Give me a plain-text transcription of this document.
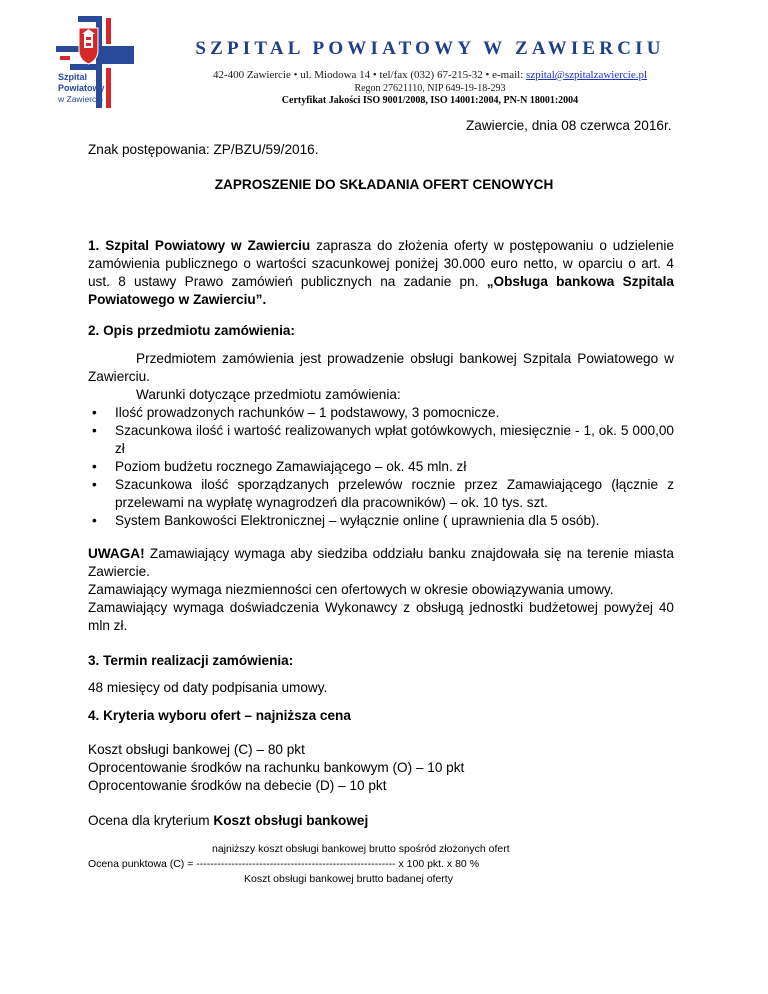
Szpital
Powiatowy
w Zawierciu
SZPITAL POWIATOWY W ZAWIERCIU
42-400 Zawiercie • ul. Miodowa 14 • tel/fax (032) 67-215-32 • e-mail: szpital@szpitalzawiercie.pl
Regon 27621110, NIP 649-19-18-293
Certyfikat Jakości ISO 9001/2008, ISO 14001:2004, PN-N 18001:2004
Zawiercie, dnia 08 czerwca 2016r.
Znak postępowania: ZP/BZU/59/2016.
ZAPROSZENIE DO SKŁADANIA OFERT CENOWYCH
1. Szpital Powiatowy w Zawierciu zaprasza do złożenia oferty w postępowaniu o udzielenie zamówienia publicznego o wartości szacunkowej poniżej 30.000 euro netto, w oparciu o art. 4 ust. 8 ustawy Prawo zamówień publicznych na zadanie pn. „Obsługa bankowa Szpitala Powiatowego w Zawierciu”.
2. Opis przedmiotu zamówienia:
Przedmiotem zamówienia jest prowadzenie obsługi bankowej Szpitala Powiatowego w Zawierciu.
Warunki dotyczące przedmiotu zamówienia:
• Ilość prowadzonych rachunków – 1 podstawowy, 3 pomocnicze.
• Szacunkowa ilość i wartość realizowanych wpłat gotówkowych, miesięcznie - 1, ok. 5 000,00 zł
• Poziom budżetu rocznego Zamawiającego – ok. 45 mln. zł
• Szacunkowa ilość sporządzanych przelewów rocznie przez Zamawiającego (łącznie z przelewami na wypłatę wynagrodzeń dla pracowników) – ok. 10 tys. szt.
• System Bankowości Elektronicznej – wyłącznie online ( uprawnienia dla 5 osób).
UWAGA! Zamawiający wymaga aby siedziba oddziału banku znajdowała się na terenie miasta Zawiercie.
Zamawiający wymaga niezmienności cen ofertowych w okresie obowiązywania umowy.
Zamawiający wymaga doświadczenia Wykonawcy z obsługą jednostki budżetowej powyżej 40 mln zł.
3. Termin realizacji zamówienia:
48 miesięcy od daty podpisania umowy.
4. Kryteria wyboru ofert – najniższa cena
Koszt obsługi bankowej (C) – 80 pkt
Oprocentowanie środków na rachunku bankowym (O) – 10 pkt
Oprocentowanie środków na debecie (D) – 10 pkt
Ocena dla kryterium Koszt obsługi bankowej
najniższy koszt obsługi bankowej brutto spośród złożonych ofert
Ocena punktowa (C) = --------------------------------------------------------- x 100 pkt. x 80 %
Koszt obsługi bankowej brutto badanej oferty
